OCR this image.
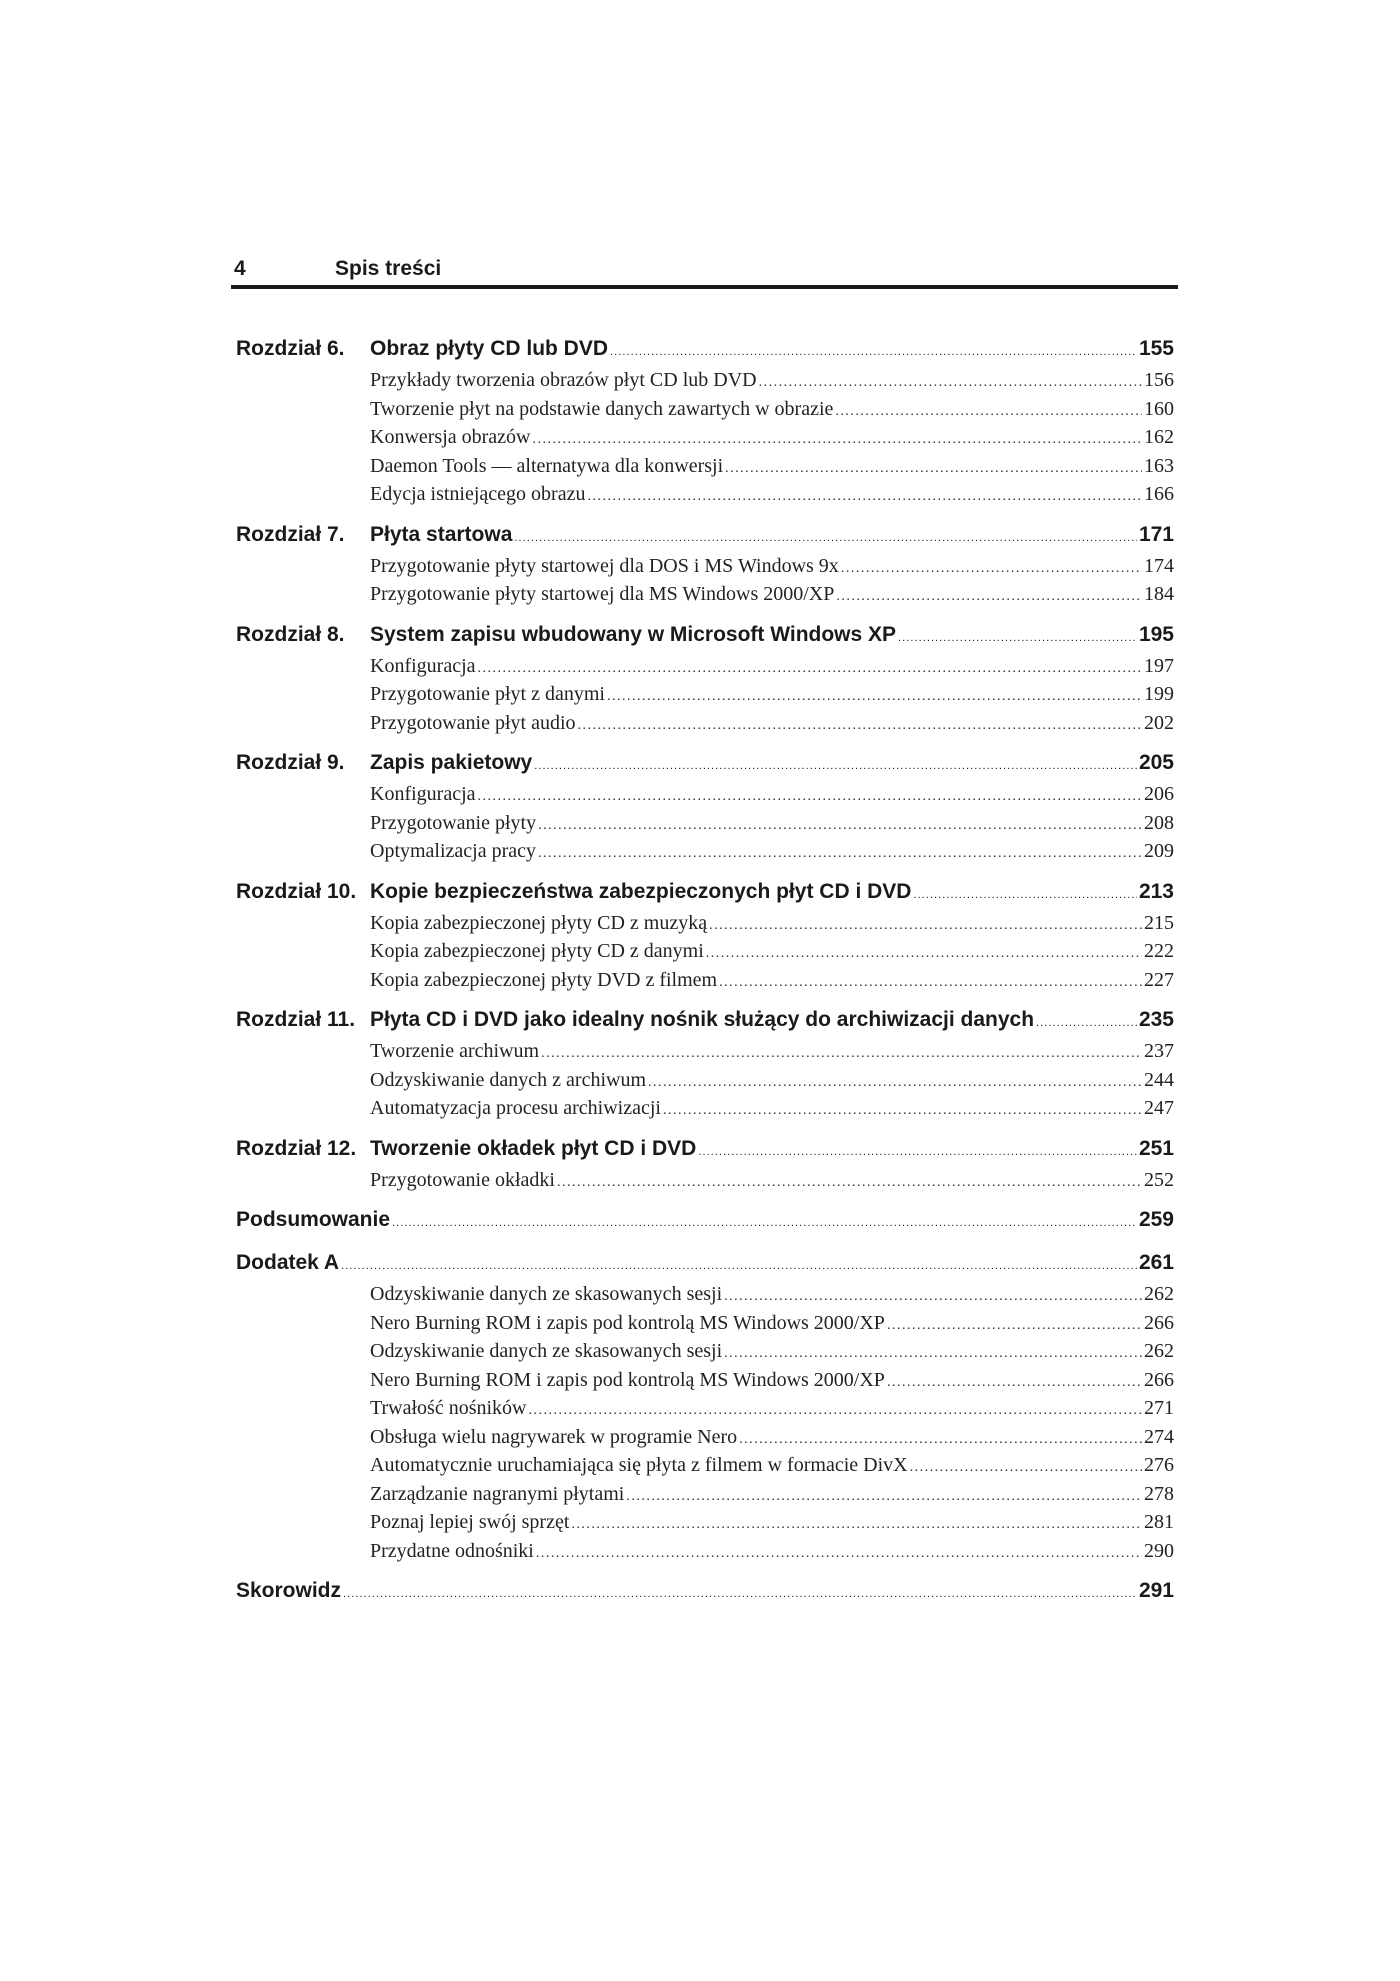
4	Spis treści
Rozdział 6.	Obraz płyty CD lub DVD . . .	155
Przykłady tworzenia obrazów płyt CD lub DVD . . .	156
Tworzenie płyt na podstawie danych zawartych w obrazie . . .	160
Konwersja obrazów . . .	162
Daemon Tools — alternatywa dla konwersji . . .	163
Edycja istniejącego obrazu . . .	166
Rozdział 7.	Płyta startowa . . .	171
Przygotowanie płyty startowej dla DOS i MS Windows 9x . . .	174
Przygotowanie płyty startowej dla MS Windows 2000/XP . . .	184
Rozdział 8.	System zapisu wbudowany w Microsoft Windows XP . . .	195
Konfiguracja . . .	197
Przygotowanie płyt z danymi . . .	199
Przygotowanie płyt audio . . .	202
Rozdział 9.	Zapis pakietowy . . .	205
Konfiguracja . . .	206
Przygotowanie płyty . . .	208
Optymalizacja pracy . . .	209
Rozdział 10. Kopie bezpieczeństwa zabezpieczonych płyt CD i DVD . . .	213
Kopia zabezpieczonej płyty CD z muzyką . . .	215
Kopia zabezpieczonej płyty CD z danymi . . .	222
Kopia zabezpieczonej płyty DVD z filmem . . .	227
Rozdział 11. Płyta CD i DVD jako idealny nośnik służący do archiwizacji danych . . .	235
Tworzenie archiwum . . .	237
Odzyskiwanie danych z archiwum . . .	244
Automatyzacja procesu archiwizacji . . .	247
Rozdział 12. Tworzenie okładek płyt CD i DVD . . .	251
Przygotowanie okładki . . .	252
Podsumowanie . . .	259
Dodatek A . . .	261
Odzyskiwanie danych ze skasowanych sesji . . .	262
Nero Burning ROM i zapis pod kontrolą MS Windows 2000/XP . . .	266
Odzyskiwanie danych ze skasowanych sesji . . .	262
Nero Burning ROM i zapis pod kontrolą MS Windows 2000/XP . . .	266
Trwałość nośników . . .	271
Obsługa wielu nagrywarek w programie Nero . . .	274
Automatycznie uruchamiająca się płyta z filmem w formacie DivX . . .	276
Zarządzanie nagranymi płytami . . .	278
Poznaj lepiej swój sprzęt . . .	281
Przydatne odnośniki . . .	290
Skorowidz . . .	291
